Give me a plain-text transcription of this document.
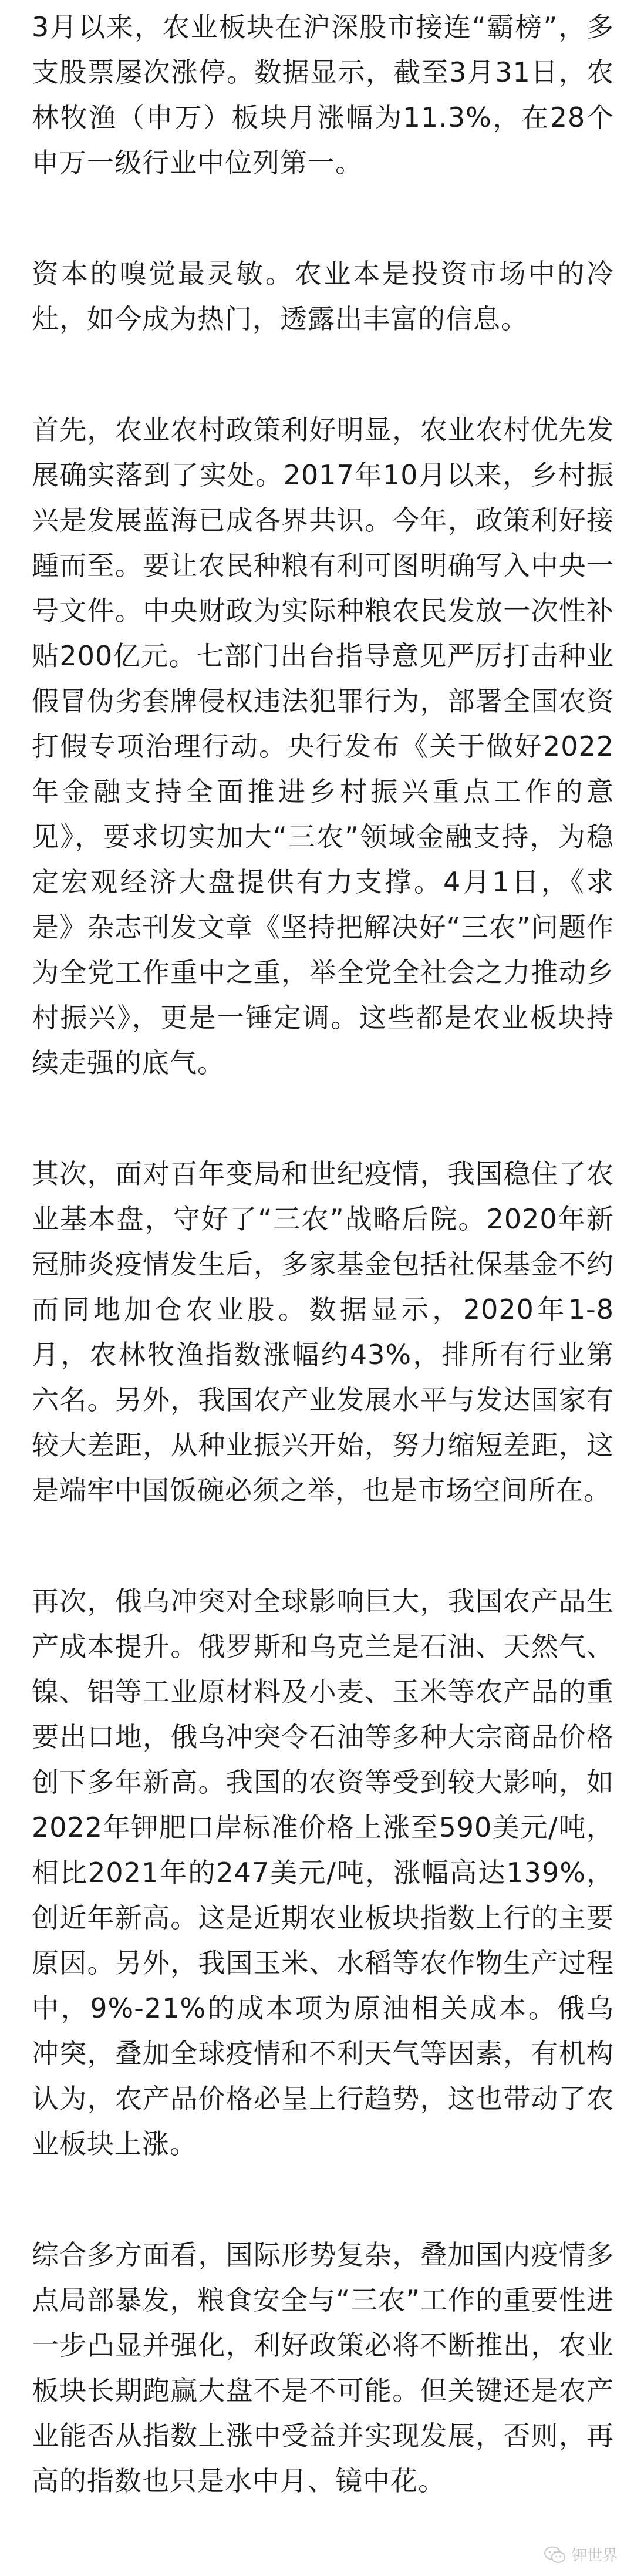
3月以来，农业板块在沪深股市接连“霸榜”，多支股票屡次涨停。数据显示，截至3月31日，农林牧渔（申万）板块月涨幅为11.3%，在28个申万一级行业中位列第一。

资本的嗅觉最灵敏。农业本是投资市场中的冷灶，如今成为热门，透露出丰富的信息。

首先，农业农村政策利好明显，农业农村优先发展确实落到了实处。2017年10月以来，乡村振兴是发展蓝海已成各界共识。今年，政策利好接踵而至。要让农民种粮有利可图明确写入中央一号文件。中央财政为实际种粮农民发放一次性补贴200亿元。七部门出台指导意见严厉打击种业假冒伪劣套牌侵权违法犯罪行为，部署全国农资打假专项治理行动。央行发布《关于做好2022年金融支持全面推进乡村振兴重点工作的意见》，要求切实加大“三农”领域金融支持，为稳定宏观经济大盘提供有力支撑。4月1日，《求是》杂志刊发文章《坚持把解决好“三农”问题作为全党工作重中之重，举全党全社会之力推动乡村振兴》，更是一锤定调。这些都是农业板块持续走强的底气。

其次，面对百年变局和世纪疫情，我国稳住了农业基本盘，守好了“三农”战略后院。2020年新冠肺炎疫情发生后，多家基金包括社保基金不约而同地加仓农业股。数据显示，2020年1-8月，农林牧渔指数涨幅约43%，排所有行业第六名。另外，我国农产业发展水平与发达国家有较大差距，从种业振兴开始，努力缩短差距，这是端牢中国饭碗必须之举，也是市场空间所在。

再次，俄乌冲突对全球影响巨大，我国农产品生产成本提升。俄罗斯和乌克兰是石油、天然气、镍、铝等工业原材料及小麦、玉米等农产品的重要出口地，俄乌冲突令石油等多种大宗商品价格创下多年新高。我国的农资等受到较大影响，如2022年钾肥口岸标准价格上涨至590美元/吨，相比2021年的247美元/吨，涨幅高达139%，创近年新高。这是近期农业板块指数上行的主要原因。另外，我国玉米、水稻等农作物生产过程中，9%-21%的成本项为原油相关成本。俄乌冲突，叠加全球疫情和不利天气等因素，有机构认为，农产品价格必呈上行趋势，这也带动了农业板块上涨。

综合多方面看，国际形势复杂，叠加国内疫情多点局部暴发，粮食安全与“三农”工作的重要性进一步凸显并强化，利好政策必将不断推出，农业板块长期跑赢大盘不是不可能。但关键还是农产业能否从指数上涨中受益并实现发展，否则，再高的指数也只是水中月、镜中花。

钾世界
